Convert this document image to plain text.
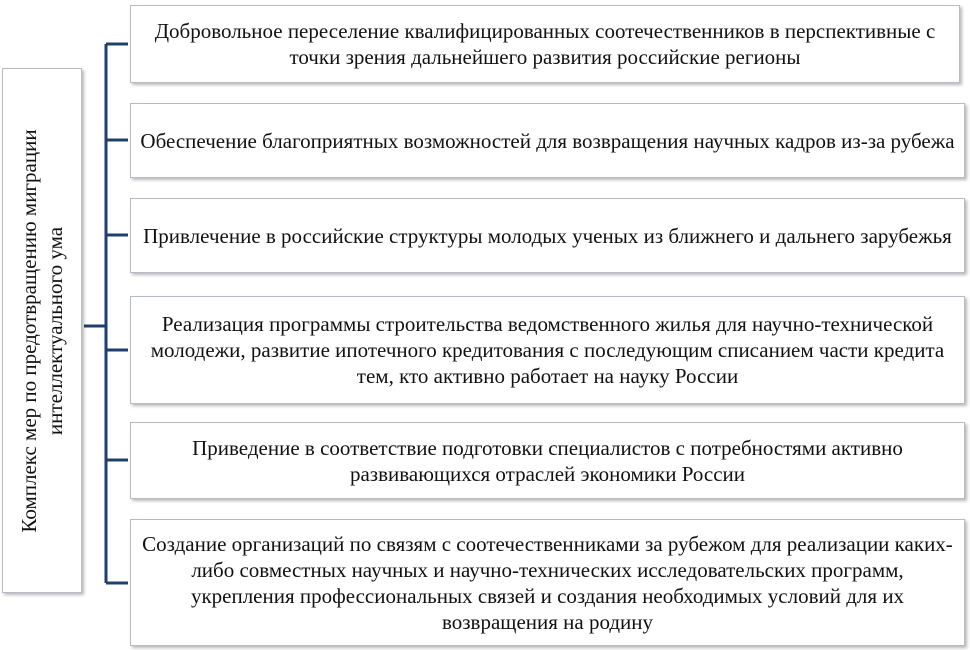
Комплекс мер по предотвращению миграции интеллектуального ума
Добровольное переселение квалифицированных соотечественников в перспективные с точки зрения дальнейшего развития российские регионы
Обеспечение благоприятных возможностей для возвращения научных кадров из-за рубежа
Привлечение в российские структуры молодых ученых из ближнего и дальнего зарубежья
Реализация программы строительства ведомственного жилья для научно-технической молодежи, развитие ипотечного кредитования с последующим списанием части кредита тем, кто активно работает на науку России
Приведение в соответствие подготовки специалистов с потребностями активно развивающихся отраслей экономики России
Создание организаций по связям с соотечественниками за рубежом для реализации каких-либо совместных научных и научно-технических исследовательских программ, укрепления профессиональных связей и создания необходимых условий для их возвращения на родину
